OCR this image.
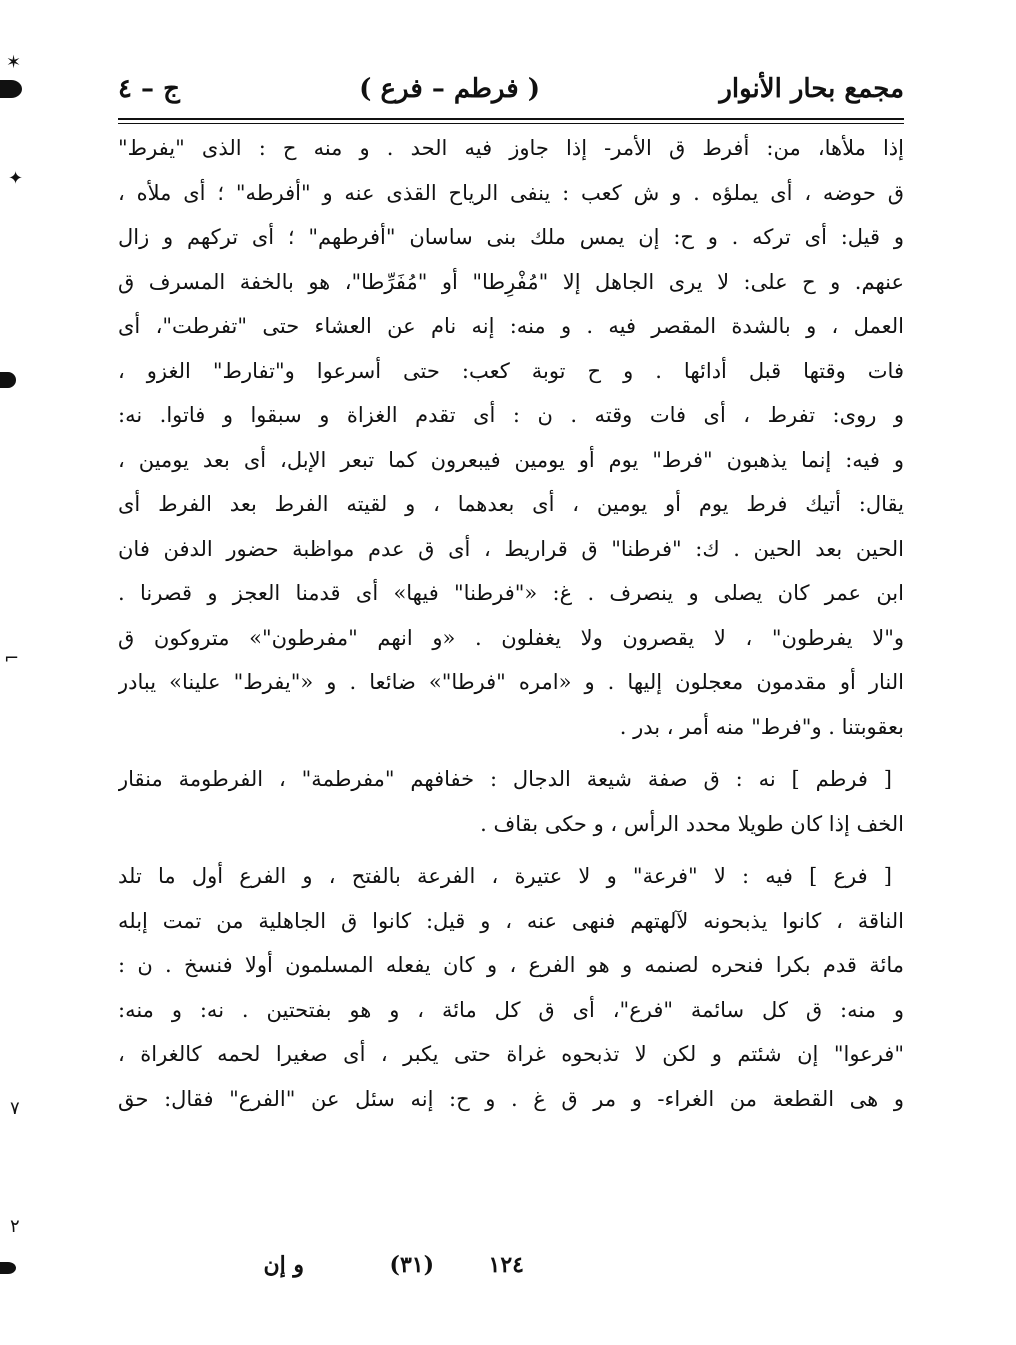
مجمع بحار الأنوار
( فرطم – فرع )
ج – ٤
إذا ملأها، من: أفرط ق الأمر- إذا جاوز فيه الحد . و منه ح : الذى "يفرط"
ق حوضه ، أى يملؤه . و ش كعب : ينفى الرياح القذى عنه و "أفرطه" ؛ أى ملأه ،
و قيل: أى تركه . و ح: إن يمس ملك بنى ساسان "أفرطهم" ؛ أى تركهم و زال
عنهم. و ح على: لا يرى الجاهل إلا "مُفْرِطا" أو "مُفَرِّطا"، هو بالخفة المسرف ق
العمل ، و بالشدة المقصر فيه . و منه: إنه نام عن العشاء حتى "تفرطت"، أى
فات وقتها قبل أدائها . و ح توبة كعب: حتى أسرعوا و"تفارط" الغزو ،
و روى: تفرط ، أى فات وقته . ن : أى تقدم الغزاة و سبقوا و فاتوا. نه:
و فيه: إنما يذهبون "فرط" يوم أو يومين فيبعرون كما تبعر الإبل، أى بعد يومين ،
يقال: أتيك فرط يوم أو يومين ، أى بعدهما ، و لقيته الفرط بعد الفرط أى
الحين بعد الحين . ك: "فرطنا" ق قراريط ، أى ق عدم مواظبة حضور الدفن فان
ابن عمر كان يصلى و ينصرف . غ: «"فرطنا" فيها» أى قدمنا العجز و قصرنا .
و"لا يفرطون" ، لا يقصرون ولا يغفلون . «و انهم "مفرطون"» متروكون ق
النار أو مقدمون معجلون إليها . و «امره "فرطا"» ضائعا . و «"يفرط" علينا» يبادر
بعقوبتنا . و"فرط" منه أمر ، بدر .
[ فرطم ] نه : ق صفة شيعة الدجال : خفافهم "مفرطمة" ، الفرطومة منقار
الخف إذا كان طويلا محدد الرأس ، و حكى بقاف .
[ فرع ] فيه : لا "فرعة" و لا عتيرة ، الفرعة بالفتح ، و الفرع أول ما تلد
الناقة ، كانوا يذبحونه لآلهتهم فنهى عنه ، و قيل: كانوا ق الجاهلية من تمت إبله
مائة قدم بكرا فنحره لصنمه و هو الفرع ، و كان يفعله المسلمون أولا فنسخ . ن :
و منه: ق كل سائمة "فرع"، أى ق كل مائة ، و هو بفتحتين . نه: و منه:
"فرعوا" إن شئتم و لكن لا تذبحوه غراة حتى يكبر ، أى صغيرا لحمه كالغراة ،
و هى القطعة من الغراء- و مر ق غ . و ح: إنه سئل عن "الفرع" فقال: حق
١٢٤
(٣١)
و إن
✶
✦
⌐
٧
٢
